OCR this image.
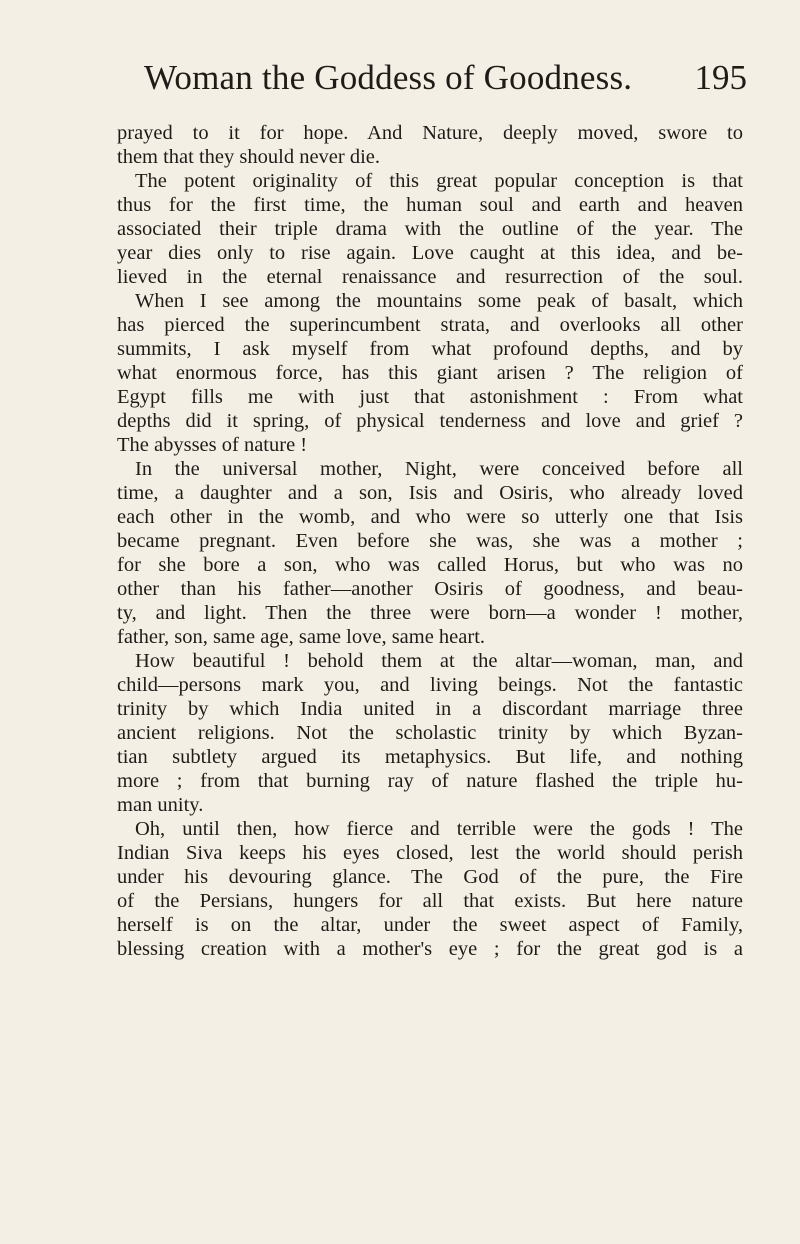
Woman the Goddess of Goodness. 195
prayed to it for hope. And Nature, deeply moved, swore to
them that they should never die.
The potent originality of this great popular conception is that
thus for the first time, the human soul and earth and heaven
associated their triple drama with the outline of the year. The
year dies only to rise again. Love caught at this idea, and be-
lieved in the eternal renaissance and resurrection of the soul.
When I see among the mountains some peak of basalt, which
has pierced the superincumbent strata, and overlooks all other
summits, I ask myself from what profound depths, and by
what enormous force, has this giant arisen ? The religion of
Egypt fills me with just that astonishment : From what
depths did it spring, of physical tenderness and love and grief ?
The abysses of nature !
In the universal mother, Night, were conceived before all
time, a daughter and a son, Isis and Osiris, who already loved
each other in the womb, and who were so utterly one that Isis
became pregnant. Even before she was, she was a mother ;
for she bore a son, who was called Horus, but who was no
other than his father—another Osiris of goodness, and beau-
ty, and light. Then the three were born—a wonder ! mother,
father, son, same age, same love, same heart.
How beautiful ! behold them at the altar—woman, man, and
child—persons mark you, and living beings. Not the fantastic
trinity by which India united in a discordant marriage three
ancient religions. Not the scholastic trinity by which Byzan-
tian subtlety argued its metaphysics. But life, and nothing
more ; from that burning ray of nature flashed the triple hu-
man unity.
Oh, until then, how fierce and terrible were the gods ! The
Indian Siva keeps his eyes closed, lest the world should perish
under his devouring glance. The God of the pure, the Fire
of the Persians, hungers for all that exists. But here nature
herself is on the altar, under the sweet aspect of Family,
blessing creation with a mother's eye ; for the great god is a
